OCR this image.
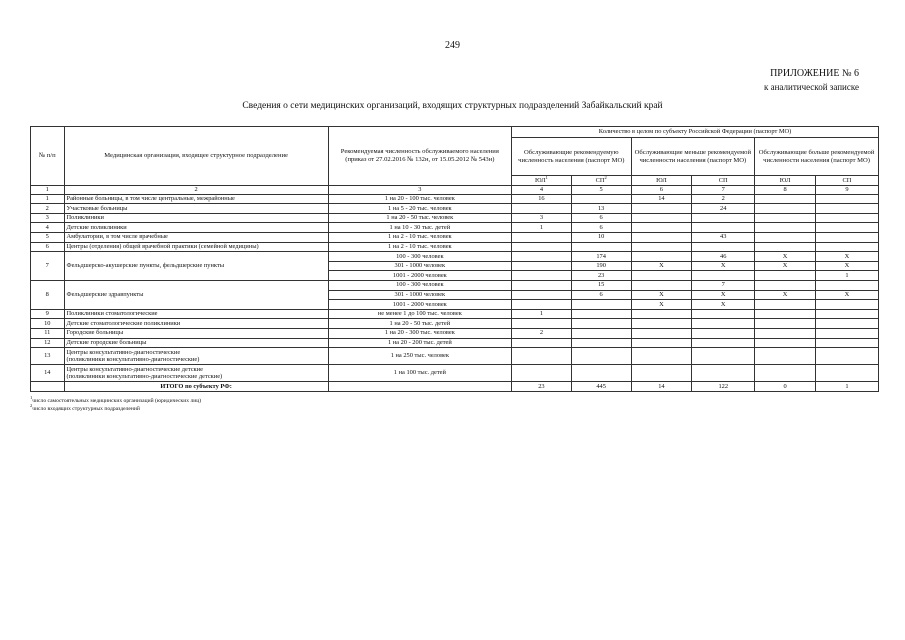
249
ПРИЛОЖЕНИЕ № 6
к аналитической записке
Сведения о сети медицинских организаций, входящих структурных подразделений Забайкальский край
№ п/п	Медицинская организация, входящее структурное подразделение	Рекомендуемая численность обслуживаемого населения (приказ от 27.02.2016 № 132н, от 15.05.2012 № 543н)	Количество в целом по субъекту Российской Федерации (паспорт МО)					
			Обслуживающие рекомендуемую численность населения (паспорт МО)		Обслуживающие меньше рекомендуемой численности населения (паспорт МО)		Обслуживающие больше рекомендуемой численности населения (паспорт МО)	
			$ЮЛ^1$	$СП^2$	ЮЛ	СП	ЮЛ	СП
1	2	3	4	5	6	7	8	9
1	Районные больницы, в том числе центральные, межрайонные	1 на 20 - 100 тыс. человек	16		14	2		
2	Участковые больницы	1 на 5 - 20 тыс. человек		13		24		
3	Поликлиники	1 на 20 - 50 тыс. человек	3	6				
4	Детские поликлиники	1 на 10 - 30 тыс. детей	1	6				
5	Амбулатории, в том числе врачебные	1 на 2 - 10 тыс. человек		10		43		
6	Центры (отделения) общей врачебной практики (семейной медицины)	1 на 2 - 10 тыс. человек						
7	Фельдшерско-акушерские пункты, фельдшерские пункты	100 - 300 человек		174		46	X	X
		301 - 1000 человек		190	X	X	X	X
		1001 - 2000 человек		23				1
8	Фельдшерские здравпункты	100 - 300 человек		15		7		
		301 - 1000 человек		6	X	X	X	X
		1001 - 2000 человек			X	X		
9	Поликлиники стоматологические	не менее 1 до 100 тыс. человек	1					
10	Детские стоматологические поликлиники	1 на 20 - 50 тыс. детей						
11	Городские больницы	1 на 20 - 300 тыс. человек	2					
12	Детские городские больницы	1 на 20 - 200 тыс. детей						
13	Центры консультативно-диагностические
(поликлиники консультативно-диагностические)	1 на 250 тыс. человек						
14	Центры консультативно-диагностические детские
(поликлиники консультативно-диагностические детские)	1 на 100 тыс. детей						
	ИТОГО по субъекту РФ:		23	445	14	122	0	1
$^1$число самостоятельных медицинских организаций (юридических лиц)
$^2$число входящих структурных подразделений
